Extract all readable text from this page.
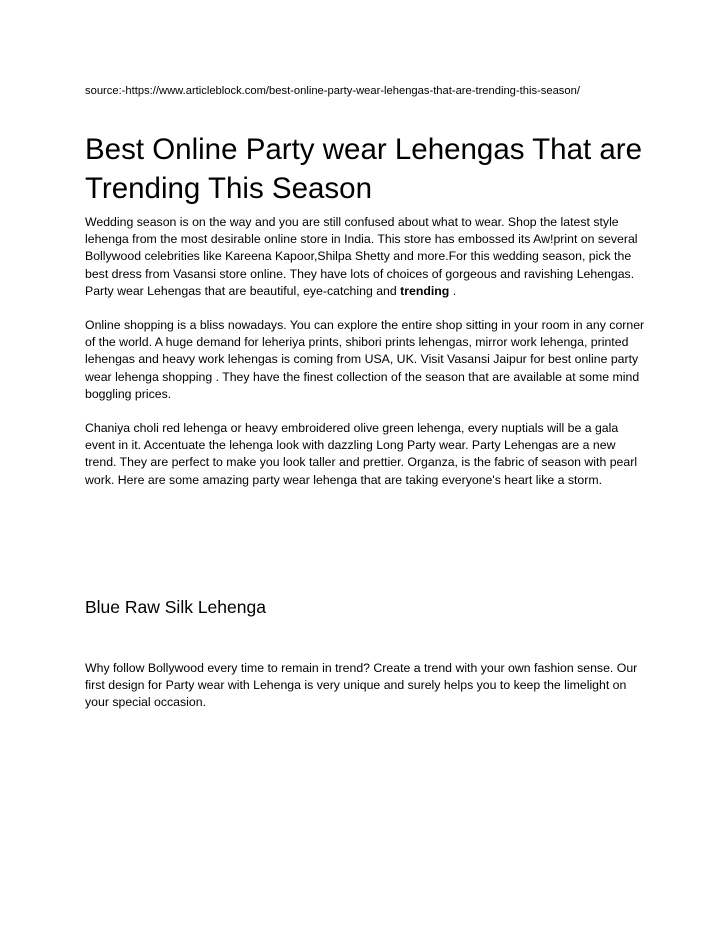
source:-https://www.articleblock.com/best-online-party-wear-lehengas-that-are-trending-this-season/
Best Online Party wear Lehengas That are Trending This Season

Wedding season is on the way and you are still confused about what to wear. Shop the latest style lehenga from the most desirable online store in India. This store has embossed its Aw!print on several Bollywood celebrities like Kareena Kapoor,Shilpa Shetty and more.For this wedding season, pick the best dress from Vasansi store online. They have lots of choices of gorgeous and ravishing Lehengas. Party wear Lehengas that are beautiful, eye-catching and trending .

Online shopping is a bliss nowadays. You can explore the entire shop sitting in your room in any corner of the world. A huge demand for leheriya prints, shibori prints lehengas, mirror work lehenga, printed lehengas and heavy work lehengas is coming from USA, UK. Visit Vasansi Jaipur for best online party wear lehenga shopping . They have the finest collection of the season that are available at some mind boggling prices.

Chaniya choli red lehenga or heavy embroidered olive green lehenga, every nuptials will be a gala event in it. Accentuate the lehenga look with dazzling Long Party wear. Party Lehengas are a new trend. They are perfect to make you look taller and prettier. Organza, is the fabric of season with pearl work. Here are some amazing party wear lehenga that are taking everyone's heart like a storm.

Blue Raw Silk Lehenga

Why follow Bollywood every time to remain in trend? Create a trend with your own fashion sense. Our first design for Party wear with Lehenga is very unique and surely helps you to keep the limelight on your special occasion.
